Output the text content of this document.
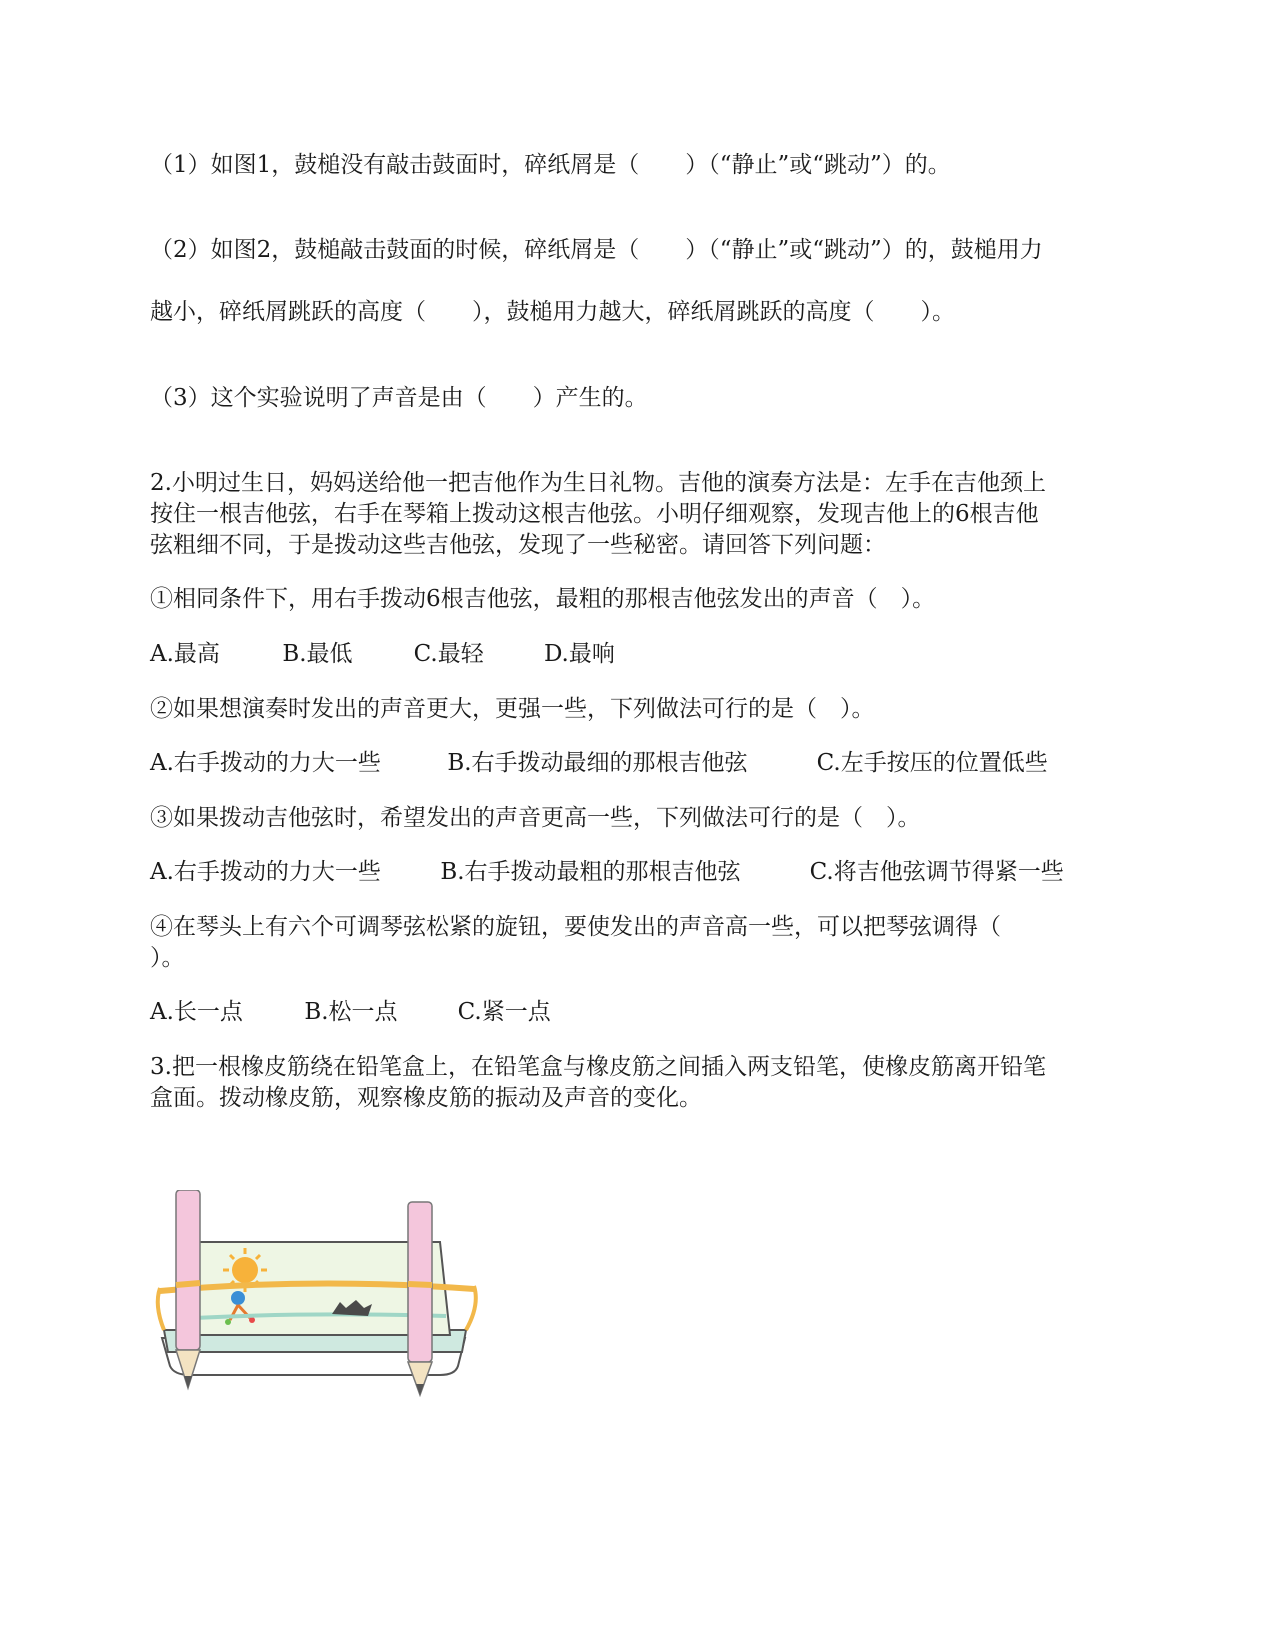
（1）如图1，鼓槌没有敲击鼓面时，碎纸屑是（　　）（“静止”或“跳动”）的。
（2）如图2，鼓槌敲击鼓面的时候，碎纸屑是（　　）（“静止”或“跳动”）的，鼓槌用力
越小，碎纸屑跳跃的高度（　　），鼓槌用力越大，碎纸屑跳跃的高度（　　）。
（3）这个实验说明了声音是由（　　）产生的。
2.小明过生日，妈妈送给他一把吉他作为生日礼物。吉他的演奏方法是：左手在吉他颈上
按住一根吉他弦，右手在琴箱上拨动这根吉他弦。小明仔细观察，发现吉他上的6根吉他
弦粗细不同，于是拨动这些吉他弦，发现了一些秘密。请回答下列问题：
①相同条件下，用右手拨动6根吉他弦，最粗的那根吉他弦发出的声音（　）。
A.最高	B.最低	C.最轻	D.最响
②如果想演奏时发出的声音更大，更强一些，下列做法可行的是（　）。
A.右手拨动的力大一些	B.右手拨动最细的那根吉他弦	C.左手按压的位置低些
③如果拨动吉他弦时，希望发出的声音更高一些，下列做法可行的是（　）。
A.右手拨动的力大一些	B.右手拨动最粗的那根吉他弦	C.将吉他弦调节得紧一些
④在琴头上有六个可调琴弦松紧的旋钮，要使发出的声音高一些，可以把琴弦调得（
）。
A.长一点	B.松一点	C.紧一点
3.把一根橡皮筋绕在铅笔盒上，在铅笔盒与橡皮筋之间插入两支铅笔，使橡皮筋离开铅笔
盒面。拨动橡皮筋，观察橡皮筋的振动及声音的变化。
